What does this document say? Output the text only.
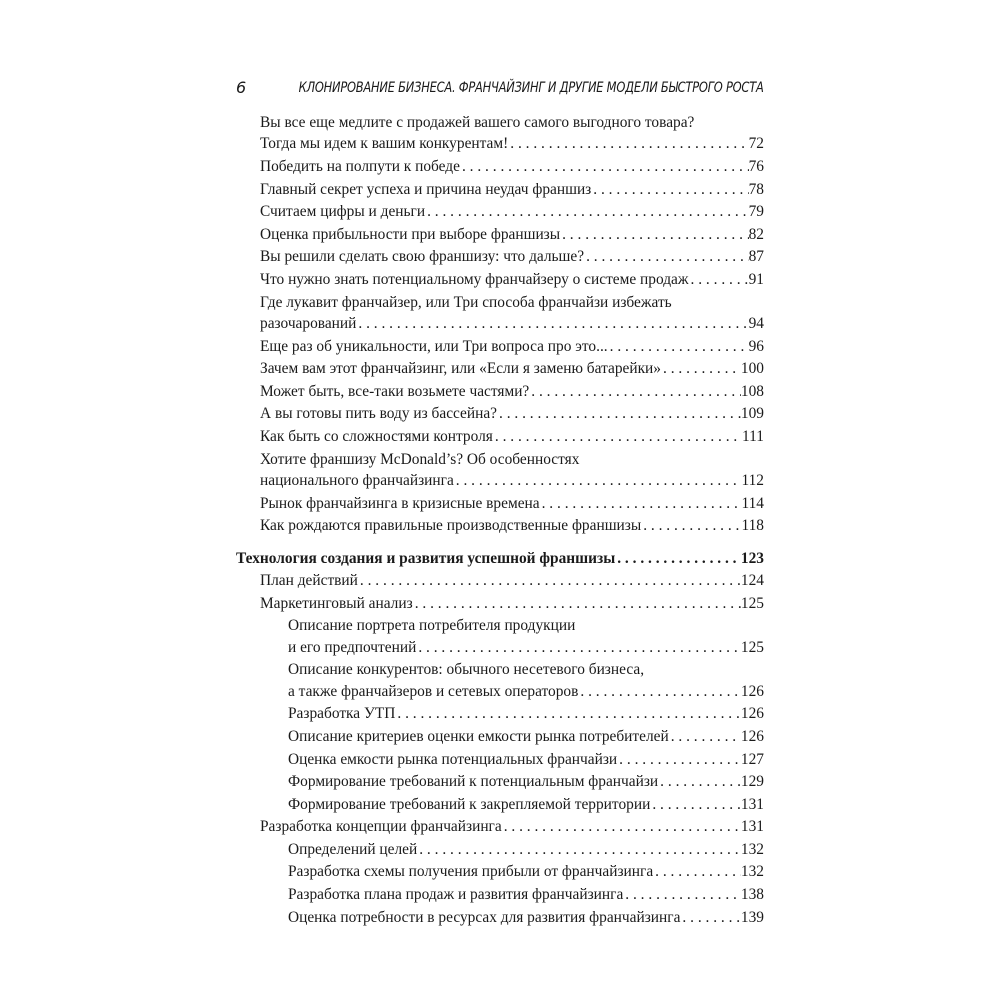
6	КЛОНИРОВАНИЕ БИЗНЕСА. ФРАНЧАЙЗИНГ И ДРУГИЕ МОДЕЛИ БЫСТРОГО РОСТА
Вы все еще медлите с продажей вашего самого выгодного товара?
Тогда мы идем к вашим конкурентам! . . .	72
Победить на полпути к победе . . .	76
Главный секрет успеха и причина неудач франшиз . . .	78
Считаем цифры и деньги . . .	79
Оценка прибыльности при выборе франшизы . . .	82
Вы решили сделать свою франшизу: что дальше? . . .	87
Что нужно знать потенциальному франчайзеру о системе продаж . . .	91
Где лукавит франчайзер, или Три способа франчайзи избежать
разочарований . . .	94
Еще раз об уникальности, или Три вопроса про это... . . .	96
Зачем вам этот франчайзинг, или «Если я заменю батарейки» . . .	100
Может быть, все-таки возьмете частями? . . .	108
А вы готовы пить воду из бассейна? . . .	109
Как быть со сложностями контроля . . .	111
Хотите франшизу McDonald’s? Об особенностях
национального франчайзинга . . .	112
Рынок франчайзинга в кризисные времена . . .	114
Как рождаются правильные производственные франшизы . . .	118
Технология создания и развития успешной франшизы . . .	123
План действий . . .	124
Маркетинговый анализ . . .	125
Описание портрета потребителя продукции
и его предпочтений . . .	125
Описание конкурентов: обычного несетевого бизнеса,
а также франчайзеров и сетевых операторов . . .	126
Разработка УТП . . .	126
Описание критериев оценки емкости рынка потребителей . . .	126
Оценка емкости рынка потенциальных франчайзи . . .	127
Формирование требований к потенциальным франчайзи . . .	129
Формирование требований к закрепляемой территории . . .	131
Разработка концепции франчайзинга . . .	131
Определений целей . . .	132
Разработка схемы получения прибыли от франчайзинга . . .	132
Разработка плана продаж и развития франчайзинга . . .	138
Оценка потребности в ресурсах для развития франчайзинга . . .	139
